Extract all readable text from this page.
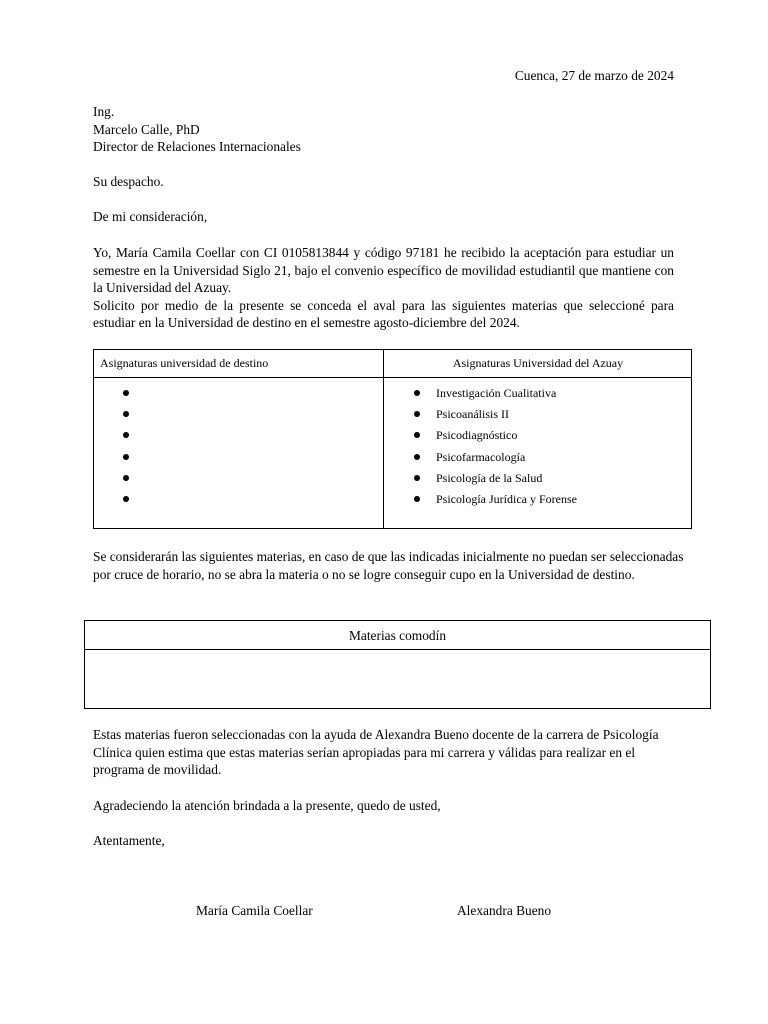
Cuenca, 27 de marzo de 2024
Ing.
Marcelo Calle, PhD
Director de Relaciones Internacionales
Su despacho.
De mi consideración,

Yo, María Camila Coellar con CI 0105813844 y código 97181 he recibido la aceptación para estudiar un semestre en la Universidad Siglo 21, bajo el convenio específico de movilidad estudiantil que mantiene con la Universidad del Azuay.

Solicito por medio de la presente se conceda el aval para las siguientes materias que seleccioné para estudiar en la Universidad de destino en el semestre agosto-diciembre del 2024.

Asignaturas universidad de destino	Asignaturas Universidad del Azuay
Investigación Cualitativa
Psicoanálisis II
Psicodiagnóstico
Psicofarmacología
Psicología de la Salud
Psicología Jurídica y Forense
Se considerarán las siguientes materias, en caso de que las indicadas inicialmente no puedan ser seleccionadas por cruce de horario, no se abra la materia o no se logre conseguir cupo en la Universidad de destino.
Materias comodín
Estas materias fueron seleccionadas con la ayuda de Alexandra Bueno docente de la carrera de Psicología Clínica quien estima que estas materias serían apropiadas para mi carrera y válidas para realizar en el programa de movilidad.
Agradeciendo la atención brindada a la presente, quedo de usted,
Atentamente,
María Camila Coellar	Alexandra Bueno
